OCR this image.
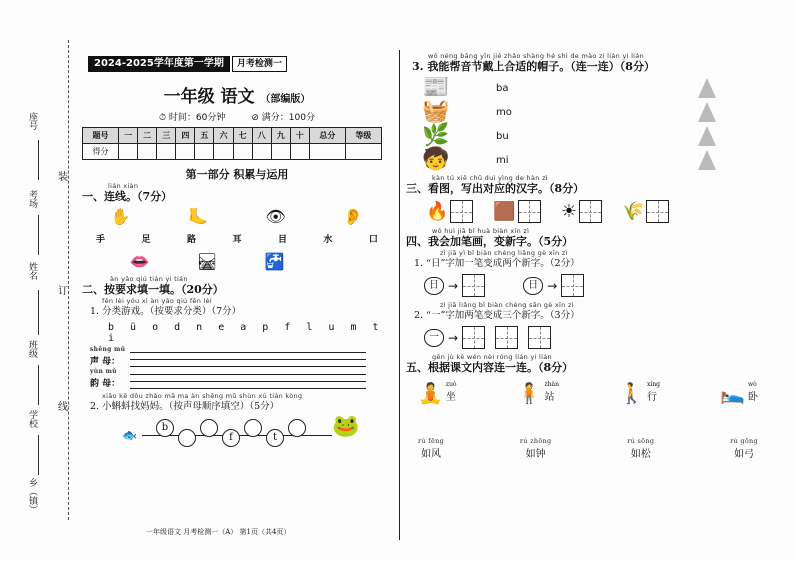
座号
考场
姓名
班级
学校
乡（镇）
装
订
线
2024-2025学年度第一学期	月考检测一
一年级 语文 （部编版）
⏱ 时间：60分钟	⊘ 满分：100分
题号	一	二	三	四	五	六	七	八	九	十	总分	等级
得分												
第一部分 积累与运用
lián xiàn
一、连线。（7分）
✋	🦶	👁	👂
手	足	路	耳	目	水	口
👄	🛤	🚰
àn yāo qiú tián yi tián
二、按要求填一填。（20分）
fēn lèi yóu xì àn yāo qiú fēn lèi
1. 分类游戏。（按要求分类）（7分）
b ü o d n e a p f l u m t i
shēng mǔ
声 母：
yùn mǔ
韵 母：
xiǎo kē dǒu zhǎo mā ma àn shēng mǔ shùn xù tián kòng
2. 小蝌蚪找妈妈。（按声母顺序填空）（5分）
🐟
b
f	t	🐸
wǒ néng bāng yīn jié zhǎo shàng hé shì de mào zi lián yi lián
3. 我能帮音节戴上合适的帽子。（连一连）（8分）
📰	ba
🧺	mo
🌿	bu
🧒	mi
kàn tú xiě chū duì yìng de hàn zì
三、看图，写出对应的汉字。（8分）
🔥	🟫	☀	🌾
wǒ huì jiā bǐ huà biàn xīn zì
四、我会加笔画，变新字。（5分）
zì jiā yì bǐ biàn chéng liǎng gè xīn zì
1. “日”字加一笔变成两个新字。（2分）
日 →	日 →
zì jiā liǎng bǐ biàn chéng sān gè xīn zì
2. “一”字加两笔变成三个新字。（3分）
一 →
gēn jù kè wén nèi róng lián yi lián
五、根据课文内容连一连。（8分）
🧘 zuò
坐	🧍 zhàn
站	🚶 xíng
行	🛌 wò
卧
rú fēng
如风
rú zhōng
如钟
rú sōng
如松
rú gōng
如弓
一年级语文 月考检测一（A） 第1页（共4页）
